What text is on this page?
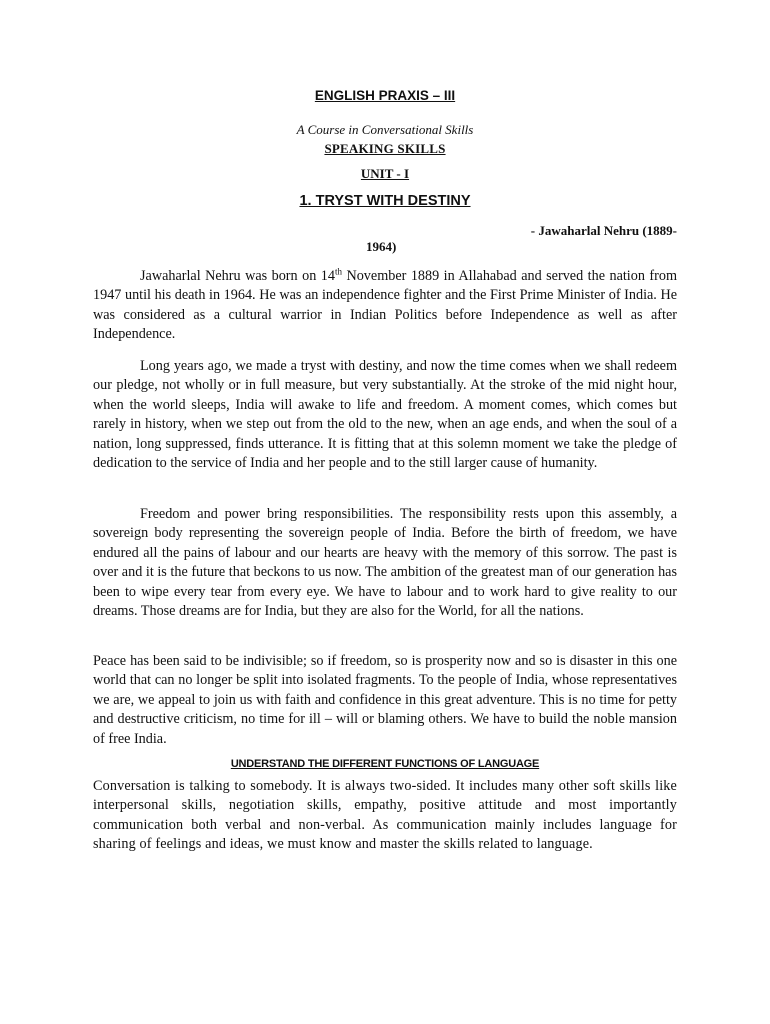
ENGLISH PRAXIS – III
A Course in Conversational Skills
SPEAKING SKILLS
UNIT - I
1. TRYST WITH DESTINY
- Jawaharlal Nehru (1889-
1964)
Jawaharlal Nehru was born on 14th November 1889 in Allahabad and served the nation from 1947 until his death in 1964. He was an independence fighter and the First Prime Minister of India. He was considered as a cultural warrior in Indian Politics before Independence as well as after Independence.
Long years ago, we made a tryst with destiny, and now the time comes when we shall redeem our pledge, not wholly or in full measure, but very substantially. At the stroke of the mid night hour, when the world sleeps, India will awake to life and freedom. A moment comes, which comes but rarely in history, when we step out from the old to the new, when an age ends, and when the soul of a nation, long suppressed, finds utterance. It is fitting that at this solemn moment we take the pledge of dedication to the service of India and her people and to the still larger cause of humanity.
Freedom and power bring responsibilities. The responsibility rests upon this assembly, a sovereign body representing the sovereign people of India. Before the birth of freedom, we have endured all the pains of labour and our hearts are heavy with the memory of this sorrow. The past is over and it is the future that beckons to us now. The ambition of the greatest man of our generation has been to wipe every tear from every eye. We have to labour and to work hard to give reality to our dreams. Those dreams are for India, but they are also for the World, for all the nations.
Peace has been said to be indivisible; so if freedom, so is prosperity now and so is disaster in this one world that can no longer be split into isolated fragments. To the people of India, whose representatives we are, we appeal to join us with faith and confidence in this great adventure. This is no time for petty and destructive criticism, no time for ill – will or blaming others. We have to build the noble mansion of free India.
UNDERSTAND THE DIFFERENT FUNCTIONS OF LANGUAGE
Conversation is talking to somebody. It is always two-sided. It includes many other soft skills like interpersonal skills, negotiation skills, empathy, positive attitude and most importantly communication both verbal and non-verbal. As communication mainly includes language for sharing of feelings and ideas, we must know and master the skills related to language.
